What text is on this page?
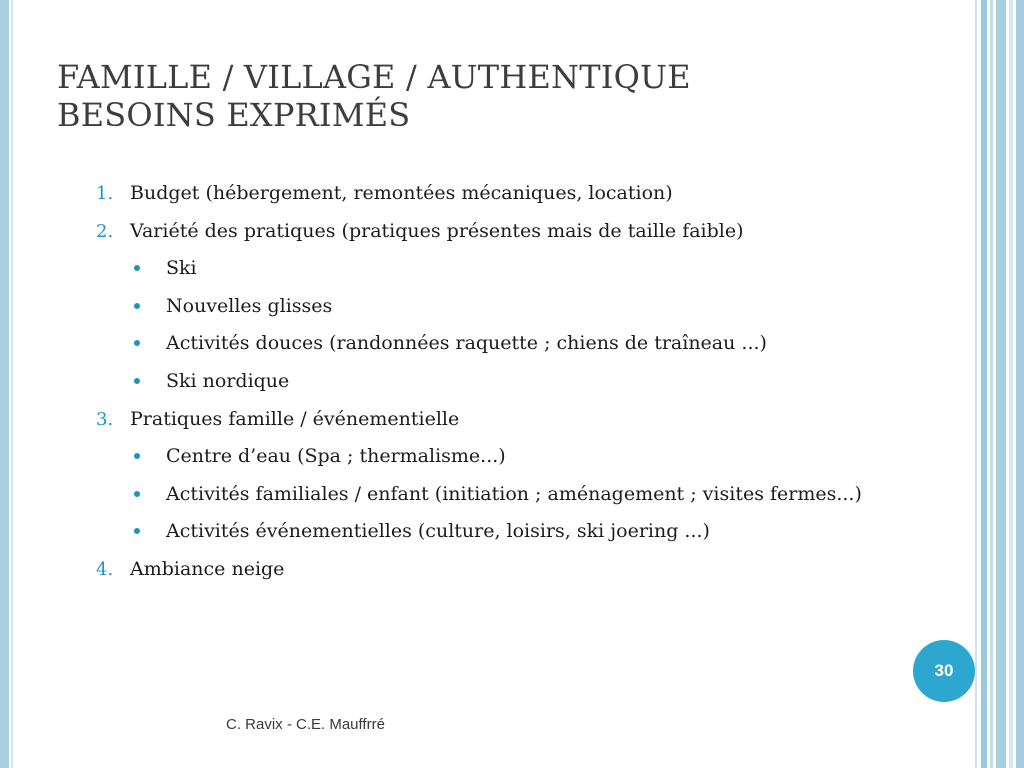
FAMILLE / VILLAGE / AUTHENTIQUE
BESOINS EXPRIMÉS
1. Budget (hébergement, remontées mécaniques, location)
2. Variété des pratiques (pratiques présentes mais de taille faible)
Ski
Nouvelles glisses
Activités douces (randonnées raquette ; chiens de traîneau ...)
Ski nordique
3. Pratiques famille / événementielle
Centre d’eau (Spa ; thermalisme...)
Activités familiales / enfant (initiation ; aménagement ; visites fermes...)
Activités événementielles (culture, loisirs, ski joering ...)
4. Ambiance neige
30
C. Ravix - C.E. Mauffrré
